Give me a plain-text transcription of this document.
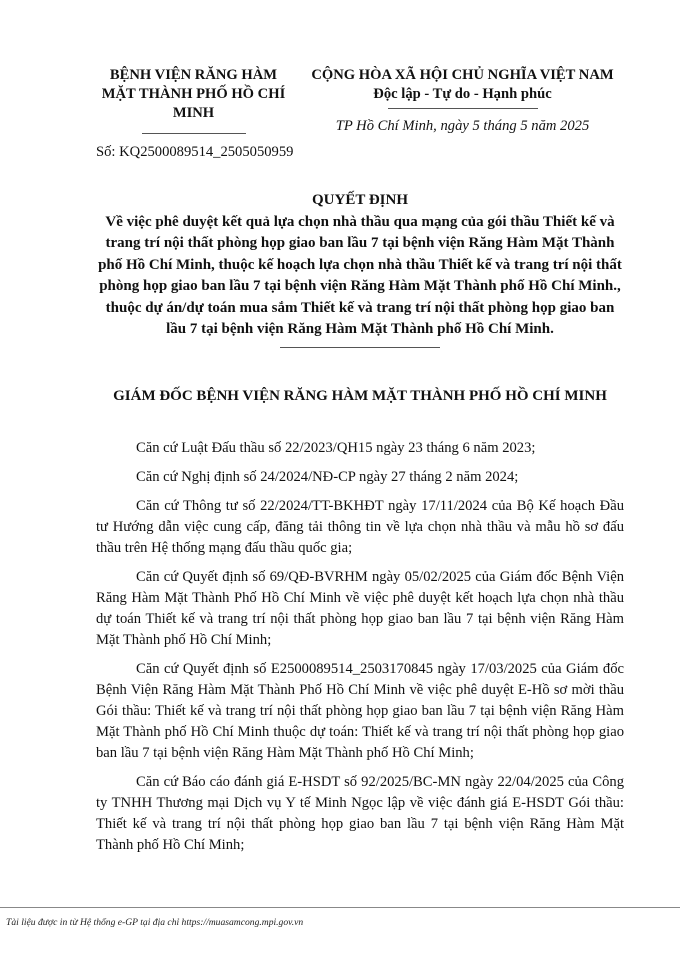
BỆNH VIỆN RĂNG HÀM MẶT THÀNH PHỐ HỒ CHÍ MINH
Số: KQ2500089514_2505050959
CỘNG HÒA XÃ HỘI CHỦ NGHĨA VIỆT NAM
Độc lập - Tự do - Hạnh phúc
TP Hồ Chí Minh, ngày 5 tháng 5 năm 2025
QUYẾT ĐỊNH
Về việc phê duyệt kết quả lựa chọn nhà thầu qua mạng của gói thầu Thiết kế và trang trí nội thất phòng họp giao ban lầu 7 tại bệnh viện Răng Hàm Mặt Thành phố Hồ Chí Minh, thuộc kế hoạch lựa chọn nhà thầu Thiết kế và trang trí nội thất phòng họp giao ban lầu 7 tại bệnh viện Răng Hàm Mặt Thành phố Hồ Chí Minh., thuộc dự án/dự toán mua sắm Thiết kế và trang trí nội thất phòng họp giao ban lầu 7 tại bệnh viện Răng Hàm Mặt Thành phố Hồ Chí Minh.
GIÁM ĐỐC BỆNH VIỆN RĂNG HÀM MẶT THÀNH PHỐ HỒ CHÍ MINH

Căn cứ Luật Đấu thầu số 22/2023/QH15 ngày 23 tháng 6 năm 2023;

Căn cứ Nghị định số 24/2024/NĐ-CP ngày 27 tháng 2 năm 2024;

Căn cứ Thông tư số 22/2024/TT-BKHĐT ngày 17/11/2024 của Bộ Kế hoạch Đầu tư Hướng dẫn việc cung cấp, đăng tải thông tin về lựa chọn nhà thầu và mẫu hồ sơ đấu thầu trên Hệ thống mạng đấu thầu quốc gia;

Căn cứ Quyết định số 69/QĐ-BVRHM ngày 05/02/2025 của Giám đốc Bệnh Viện Răng Hàm Mặt Thành Phố Hồ Chí Minh về việc phê duyệt kết hoạch lựa chọn nhà thầu dự toán Thiết kế và trang trí nội thất phòng họp giao ban lầu 7 tại bệnh viện Răng Hàm Mặt Thành phố Hồ Chí Minh;

Căn cứ Quyết định số E2500089514_2503170845 ngày 17/03/2025 của Giám đốc Bệnh Viện Răng Hàm Mặt Thành Phố Hồ Chí Minh về việc phê duyệt E-Hồ sơ mời thầu Gói thầu: Thiết kế và trang trí nội thất phòng họp giao ban lầu 7 tại bệnh viện Răng Hàm Mặt Thành phố Hồ Chí Minh thuộc dự toán: Thiết kế và trang trí nội thất phòng họp giao ban lầu 7 tại bệnh viện Răng Hàm Mặt Thành phố Hồ Chí Minh;

Căn cứ Báo cáo đánh giá E-HSDT số 92/2025/BC-MN ngày 22/04/2025 của Công ty TNHH Thương mại Dịch vụ Y tế Minh Ngọc lập về việc đánh giá E-HSDT Gói thầu: Thiết kế và trang trí nội thất phòng họp giao ban lầu 7 tại bệnh viện Răng Hàm Mặt Thành phố Hồ Chí Minh;

Tài liệu được in từ Hệ thống e-GP tại địa chỉ https://muasamcong.mpi.gov.vn
